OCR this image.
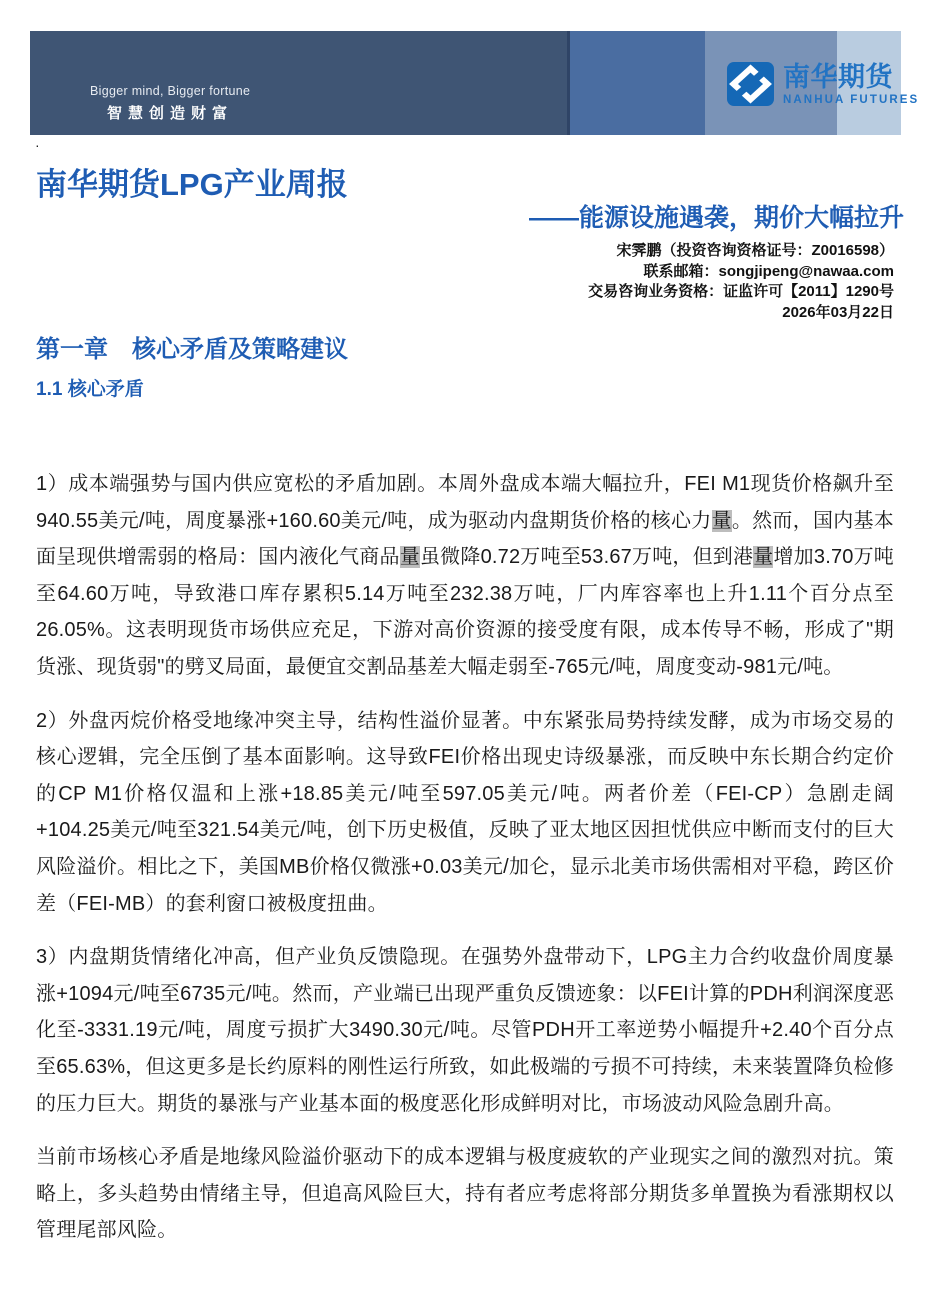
Bigger mind, Bigger fortune
智慧创造财富
南华期货
NANHUA FUTURES
·
南华期货LPG产业周报
——能源设施遇袭，期价大幅拉升
宋霁鹏（投资咨询资格证号：Z0016598）
联系邮箱：songjipeng@nawaa.com
交易咨询业务资格：证监许可【2011】1290号
2026年03月22日
第一章　核心矛盾及策略建议
1.1 核心矛盾

1）成本端强势与国内供应宽松的矛盾加剧。本周外盘成本端大幅拉升，FEI M1现货价格飙升至940.55美元/吨，周度暴涨+160.60美元/吨，成为驱动内盘期货价格的核心力量。然而，国内基本面呈现供增需弱的格局：国内液化气商品量虽微降0.72万吨至53.67万吨，但到港量增加3.70万吨至64.60万吨，导致港口库存累积5.14万吨至232.38万吨，厂内库容率也上升1.11个百分点至26.05%。这表明现货市场供应充足，下游对高价资源的接受度有限，成本传导不畅，形成了"期货涨、现货弱"的劈叉局面，最便宜交割品基差大幅走弱至-765元/吨，周度变动-981元/吨。

2）外盘丙烷价格受地缘冲突主导，结构性溢价显著。中东紧张局势持续发酵，成为市场交易的核心逻辑，完全压倒了基本面影响。这导致FEI价格出现史诗级暴涨，而反映中东长期合约定价的CP M1价格仅温和上涨+18.85美元/吨至597.05美元/吨。两者价差（FEI-CP）急剧走阔+104.25美元/吨至321.54美元/吨，创下历史极值，反映了亚太地区因担忧供应中断而支付的巨大风险溢价。相比之下，美国MB价格仅微涨+0.03美元/加仑，显示北美市场供需相对平稳，跨区价差（FEI-MB）的套利窗口被极度扭曲。

3）内盘期货情绪化冲高，但产业负反馈隐现。在强势外盘带动下，LPG主力合约收盘价周度暴涨+1094元/吨至6735元/吨。然而，产业端已出现严重负反馈迹象：以FEI计算的PDH利润深度恶化至-3331.19元/吨，周度亏损扩大3490.30元/吨。尽管PDH开工率逆势小幅提升+2.40个百分点至65.63%，但这更多是长约原料的刚性运行所致，如此极端的亏损不可持续，未来装置降负检修的压力巨大。期货的暴涨与产业基本面的极度恶化形成鲜明对比，市场波动风险急剧升高。

当前市场核心矛盾是地缘风险溢价驱动下的成本逻辑与极度疲软的产业现实之间的激烈对抗。策略上，多头趋势由情绪主导，但追高风险巨大，持有者应考虑将部分期货多单置换为看涨期权以管理尾部风险。
